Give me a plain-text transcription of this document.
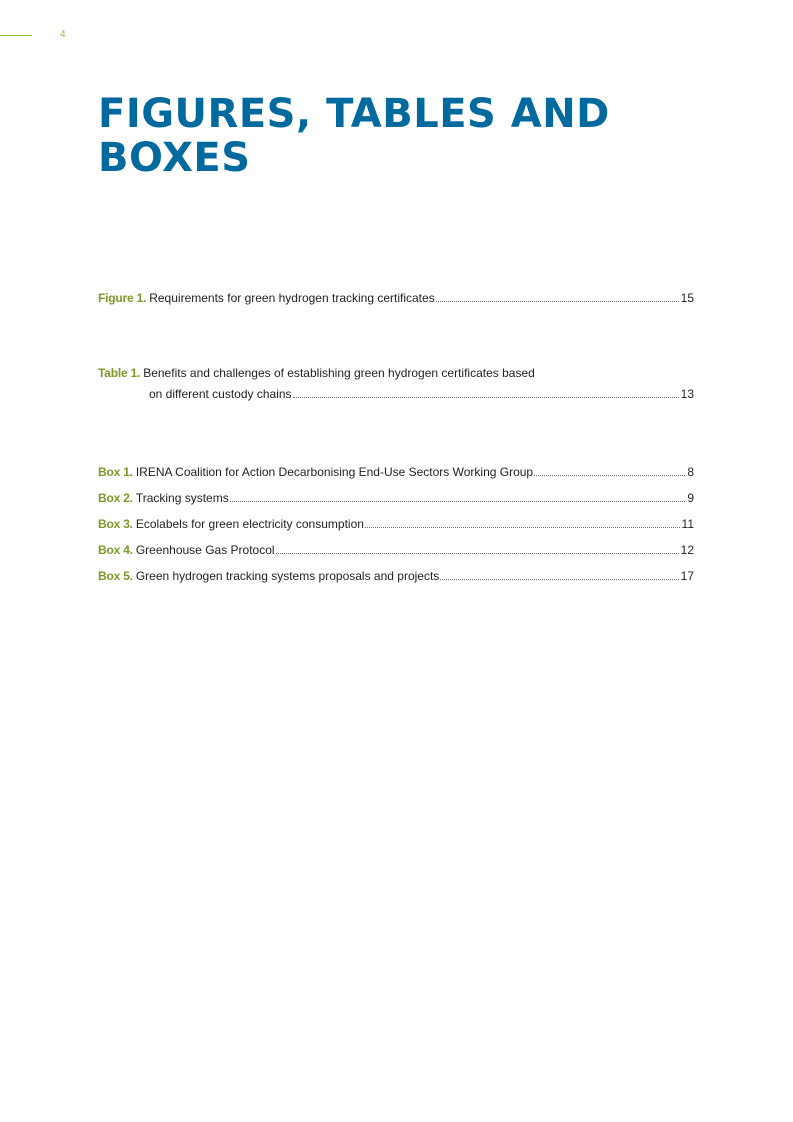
4
FIGURES, TABLES AND BOXES
Figure 1. Requirements for green hydrogen tracking certificates	15
Table 1. Benefits and challenges of establishing green hydrogen certificates based
on different custody chains	13
Box 1. IRENA Coalition for Action Decarbonising End-Use Sectors Working Group	8
Box 2. Tracking systems	9
Box 3. Ecolabels for green electricity consumption	11
Box 4. Greenhouse Gas Protocol	12
Box 5. Green hydrogen tracking systems proposals and projects	17
